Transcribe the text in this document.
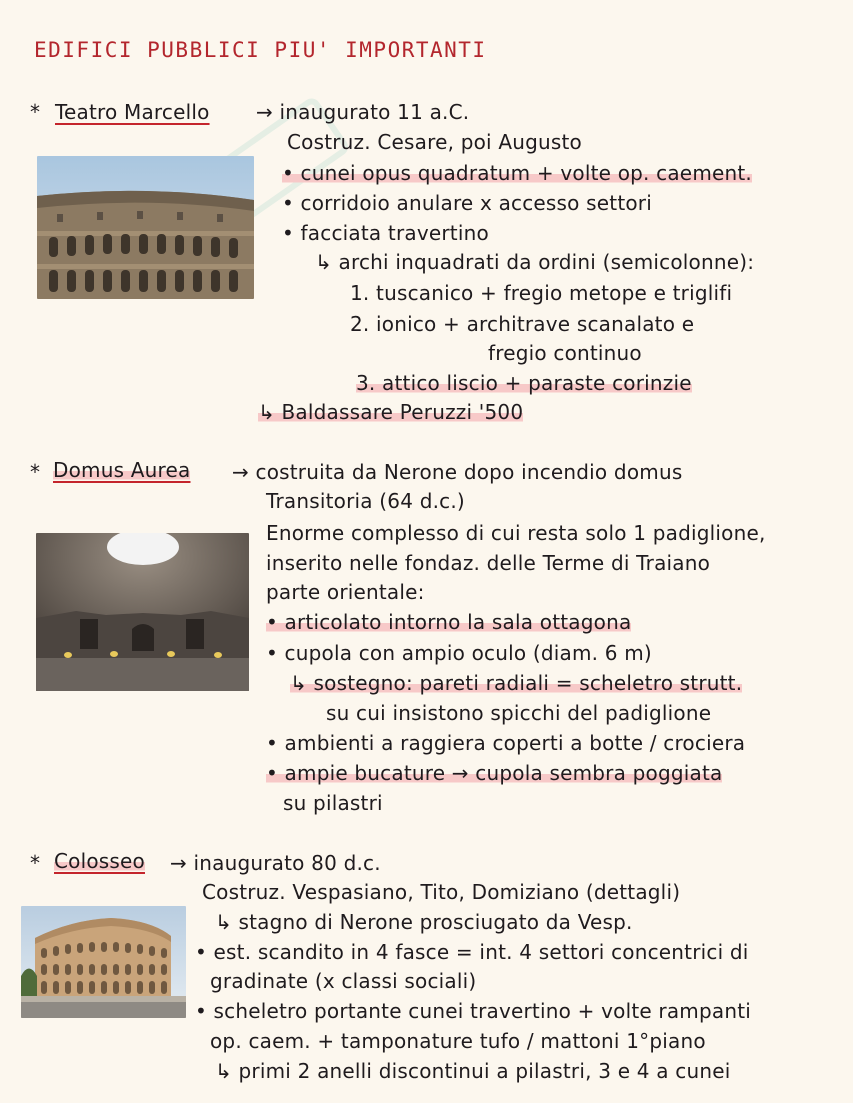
EDIFICI PUBBLICI PIU' IMPORTANTI
* Teatro Marcello → inaugurato 11 a.C.
Costruz. Cesare, poi Augusto
• cunei opus quadratum + volte op. caement.
• corridoio anulare x accesso settori
• facciata travertino
↳ archi inquadrati da ordini (semicolonne):
1. tuscanico + fregio metope e triglifi
2. ionico + architrave scanalato e
fregio continuo
3. attico liscio + paraste corinzie
↳ Baldassare Peruzzi '500
* Domus Aurea → costruita da Nerone dopo incendio domus
Transitoria (64 d.c.)
Enorme complesso di cui resta solo 1 padiglione,
inserito nelle fondaz. delle Terme di Traiano
parte orientale:
• articolato intorno la sala ottagona
• cupola con ampio oculo (diam. 6 m)
↳ sostegno: pareti radiali = scheletro strutt.
su cui insistono spicchi del padiglione
• ambienti a raggiera coperti a botte / crociera
• ampie bucature → cupola sembra poggiata
su pilastri
* Colosseo → inaugurato 80 d.c.
Costruz. Vespasiano, Tito, Domiziano (dettagli)
↳ stagno di Nerone prosciugato da Vesp.
• est. scandito in 4 fasce = int. 4 settori concentrici di
gradinate (x classi sociali)
• scheletro portante cunei travertino + volte rampanti
op. caem. + tamponature tufo / mattoni 1°piano
↳ primi 2 anelli discontinui a pilastri, 3 e 4 a cunei
